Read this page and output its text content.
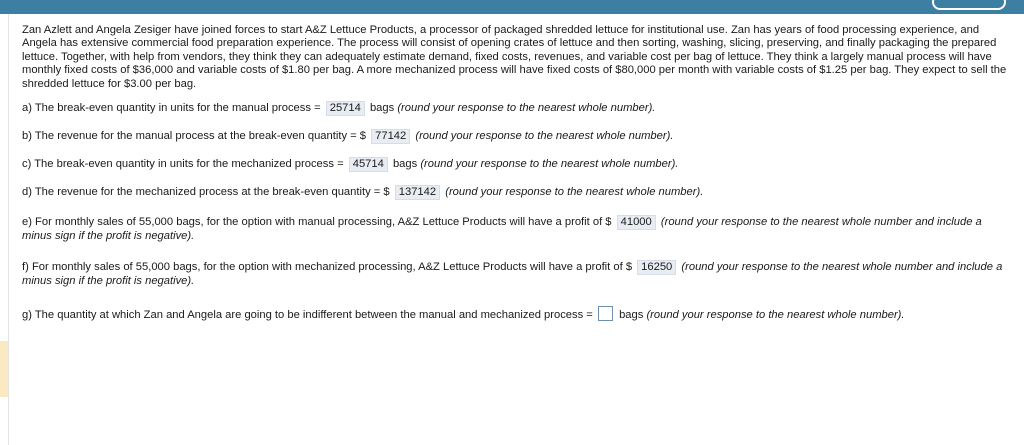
Zan Azlett and Angela Zesiger have joined forces to start A&Z Lettuce Products, a processor of packaged shredded lettuce for institutional use. Zan has years of food processing experience, and Angela has extensive commercial food preparation experience. The process will consist of opening crates of lettuce and then sorting, washing, slicing, preserving, and finally packaging the prepared lettuce. Together, with help from vendors, they think they can adequately estimate demand, fixed costs, revenues, and variable cost per bag of lettuce. They think a largely manual process will have monthly fixed costs of $36,000 and variable costs of $1.80 per bag. A more mechanized process will have fixed costs of $80,000 per month with variable costs of $1.25 per bag. They expect to sell the shredded lettuce for $3.00 per bag.

a) The break-even quantity in units for the manual process = 25714 bags (round your response to the nearest whole number).

b) The revenue for the manual process at the break-even quantity = $ 77142 (round your response to the nearest whole number).

c) The break-even quantity in units for the mechanized process = 45714 bags (round your response to the nearest whole number).

d) The revenue for the mechanized process at the break-even quantity = $ 137142 (round your response to the nearest whole number).

e) For monthly sales of 55,000 bags, for the option with manual processing, A&Z Lettuce Products will have a profit of $ 41000 (round your response to the nearest whole number and include a minus sign if the profit is negative).

f) For monthly sales of 55,000 bags, for the option with mechanized processing, A&Z Lettuce Products will have a profit of $ 16250 (round your response to the nearest whole number and include a minus sign if the profit is negative).

g) The quantity at which Zan and Angela are going to be indifferent between the manual and mechanized process = bags (round your response to the nearest whole number).
